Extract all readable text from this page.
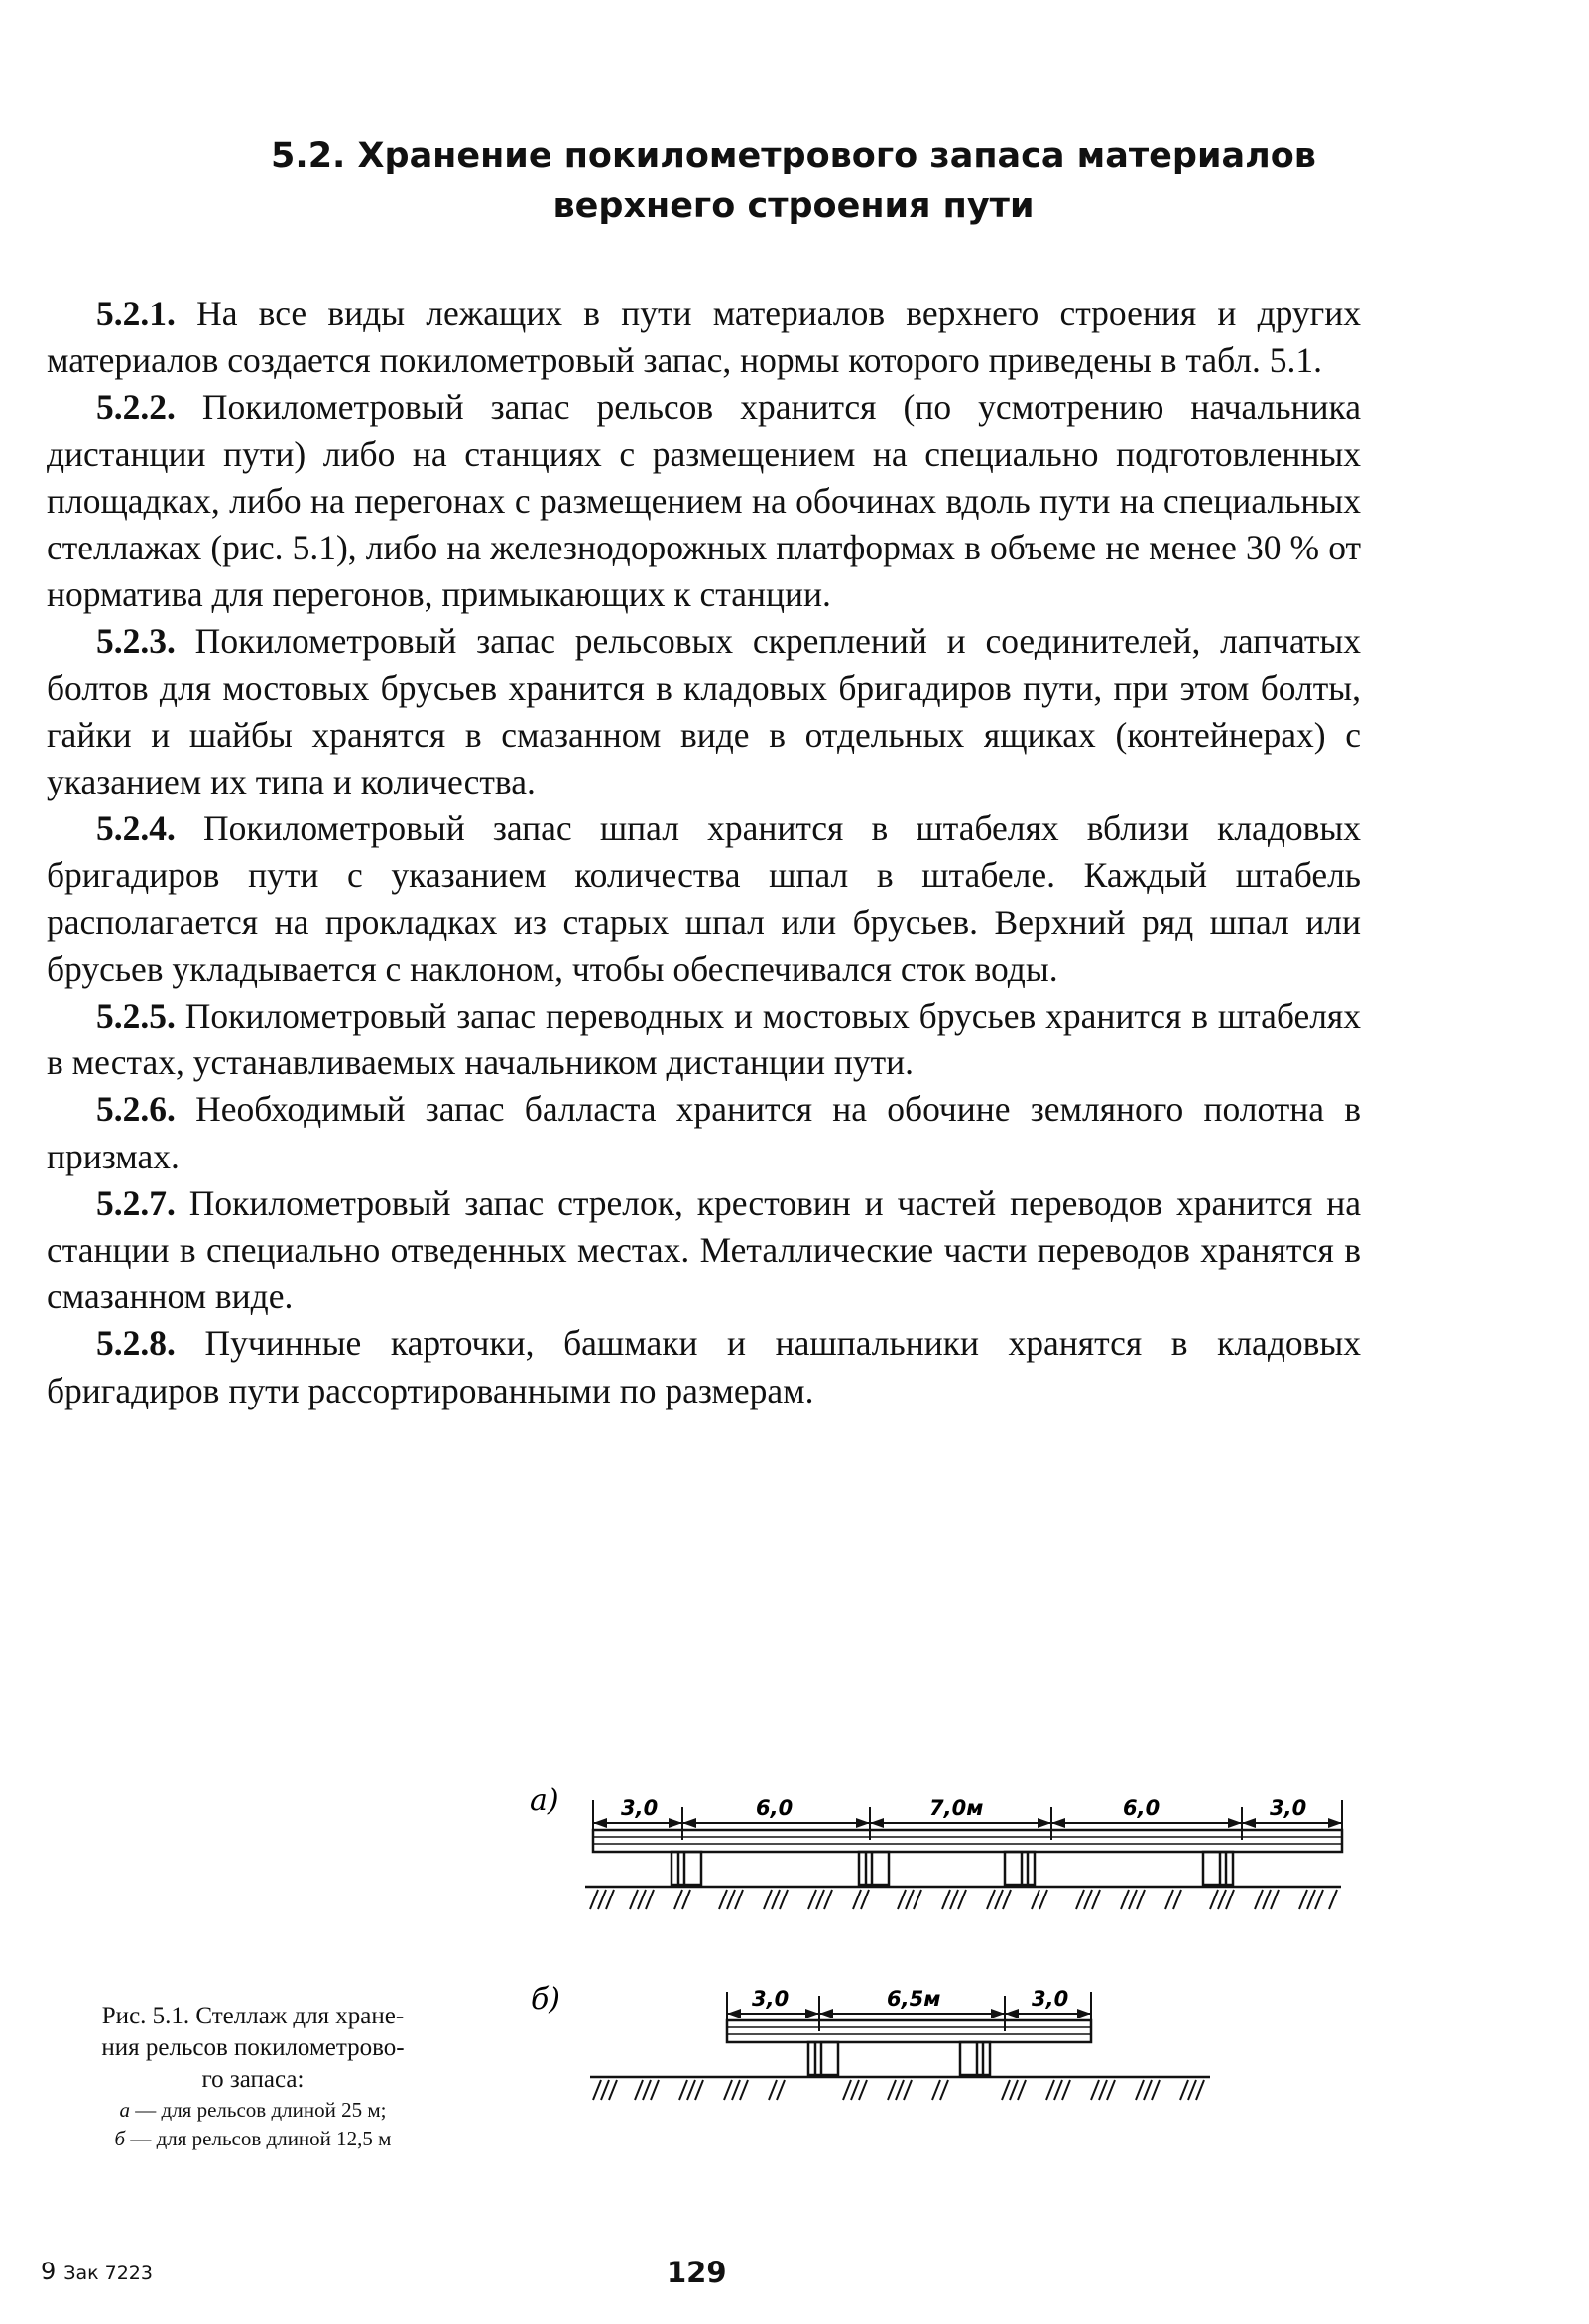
5.2. Хранение покилометрового запаса материалов
верхнего строения пути

5.2.1. На все виды лежащих в пути материалов верхнего строения и других материалов создается покилометровый запас, нормы которого приведены в табл. 5.1.

5.2.2. Покилометровый запас рельсов хранится (по усмотрению начальника дистанции пути) либо на станциях с размещением на специально подготовленных площадках, либо на перегонах с размещением на обочинах вдоль пути на специальных стеллажах (рис. 5.1), либо на железнодорожных платформах в объеме не менее 30 % от норматива для перегонов, примыкающих к станции.

5.2.3. Покилометровый запас рельсовых скреплений и соединителей, лапчатых болтов для мостовых брусьев хранится в кладовых бригадиров пути, при этом болты, гайки и шайбы хранятся в смазанном виде в отдельных ящиках (контейнерах) с указанием их типа и количества.

5.2.4. Покилометровый запас шпал хранится в штабелях вблизи кладовых бригадиров пути с указанием количества шпал в штабеле. Каждый штабель располагается на прокладках из старых шпал или брусьев. Верхний ряд шпал или брусьев укладывается с наклоном, чтобы обеспечивался сток воды.

5.2.5. Покилометровый запас переводных и мостовых брусьев хранится в штабелях в местах, устанавливаемых начальником дистанции пути.

5.2.6. Необходимый запас балласта хранится на обочине земляного полотна в призмах.

5.2.7. Покилометровый запас стрелок, крестовин и частей переводов хранится на станции в специально отведенных местах. Металлические части переводов хранятся в смазанном виде.

5.2.8. Пучинные карточки, башмаки и нашпальники хранятся в кладовых бригадиров пути рассортированными по размерам.

а)	3,0	6,0	7,0м	6,0	3,0
б)	3,0	6,5м	3,0
Рис. 5.1. Стеллаж для хране-
ния рельсов покилометрово-
го запаса:
а — для рельсов длиной 25 м;
б — для рельсов длиной 12,5 м
9 Зак 7223	129
